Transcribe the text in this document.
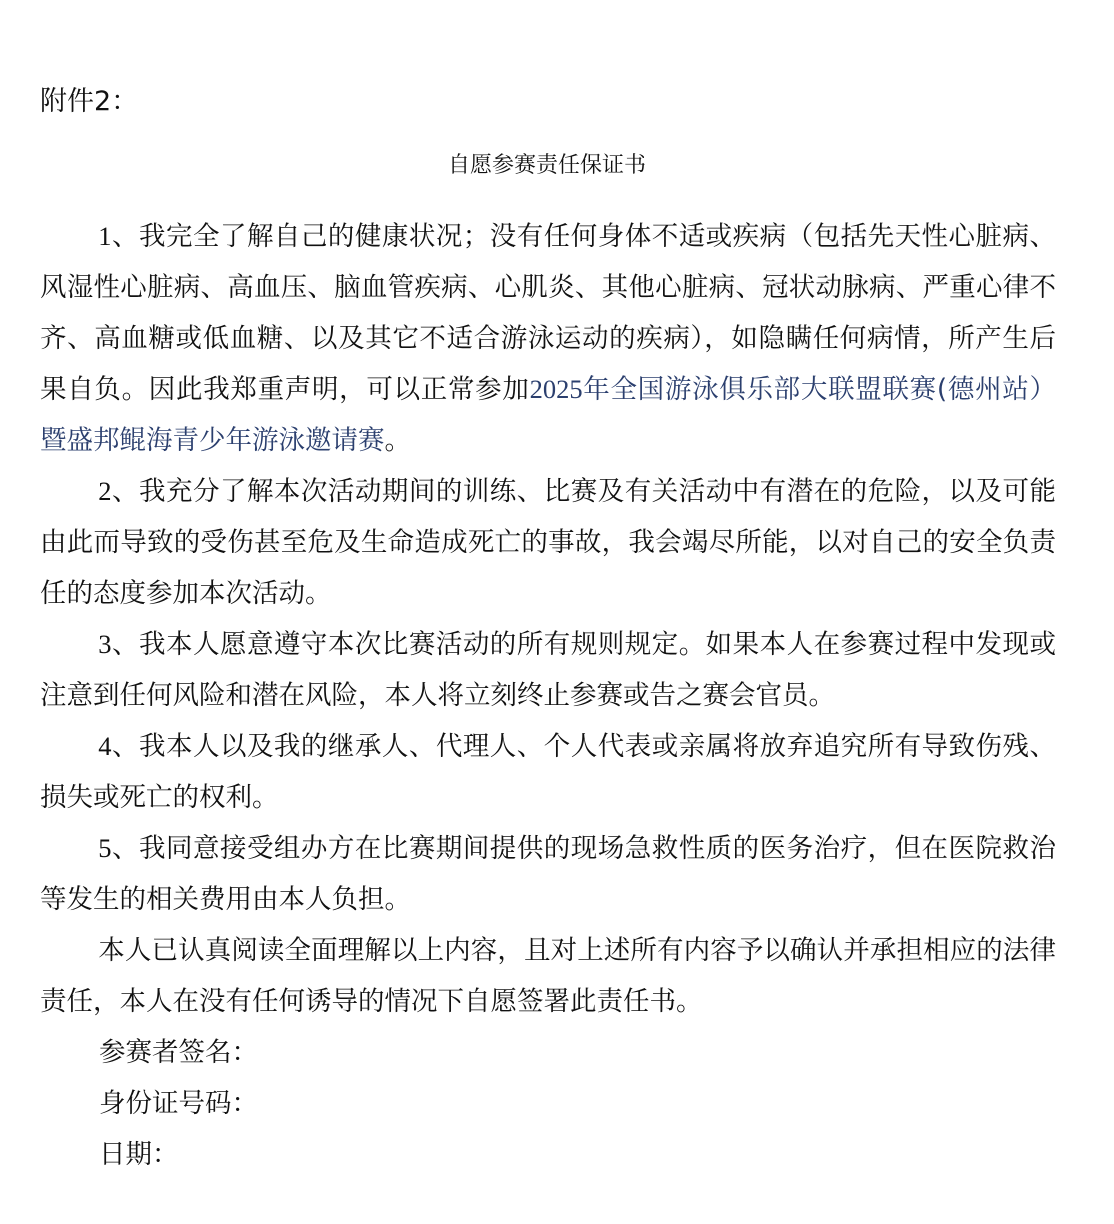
附件2：

自愿参赛责任保证书

1、我完全了解自己的健康状况；没有任何身体不适或疾病（包括先天性心脏病、风湿性心脏病、高血压、脑血管疾病、心肌炎、其他心脏病、冠状动脉病、严重心律不齐、高血糖或低血糖、以及其它不适合游泳运动的疾病），如隐瞒任何病情，所产生后果自负。因此我郑重声明，可以正常参加2025年全国游泳俱乐部大联盟联赛(德州站）暨盛邦鲲海青少年游泳邀请赛。

2、我充分了解本次活动期间的训练、比赛及有关活动中有潜在的危险，以及可能由此而导致的受伤甚至危及生命造成死亡的事故，我会竭尽所能，以对自己的安全负责任的态度参加本次活动。

3、我本人愿意遵守本次比赛活动的所有规则规定。如果本人在参赛过程中发现或注意到任何风险和潜在风险，本人将立刻终止参赛或告之赛会官员。

4、我本人以及我的继承人、代理人、个人代表或亲属将放弃追究所有导致伤残、损失或死亡的权利。

5、我同意接受组办方在比赛期间提供的现场急救性质的医务治疗，但在医院救治等发生的相关费用由本人负担。

本人已认真阅读全面理解以上内容，且对上述所有内容予以确认并承担相应的法律责任，本人在没有任何诱导的情况下自愿签署此责任书。

参赛者签名：

身份证号码：

日期：
